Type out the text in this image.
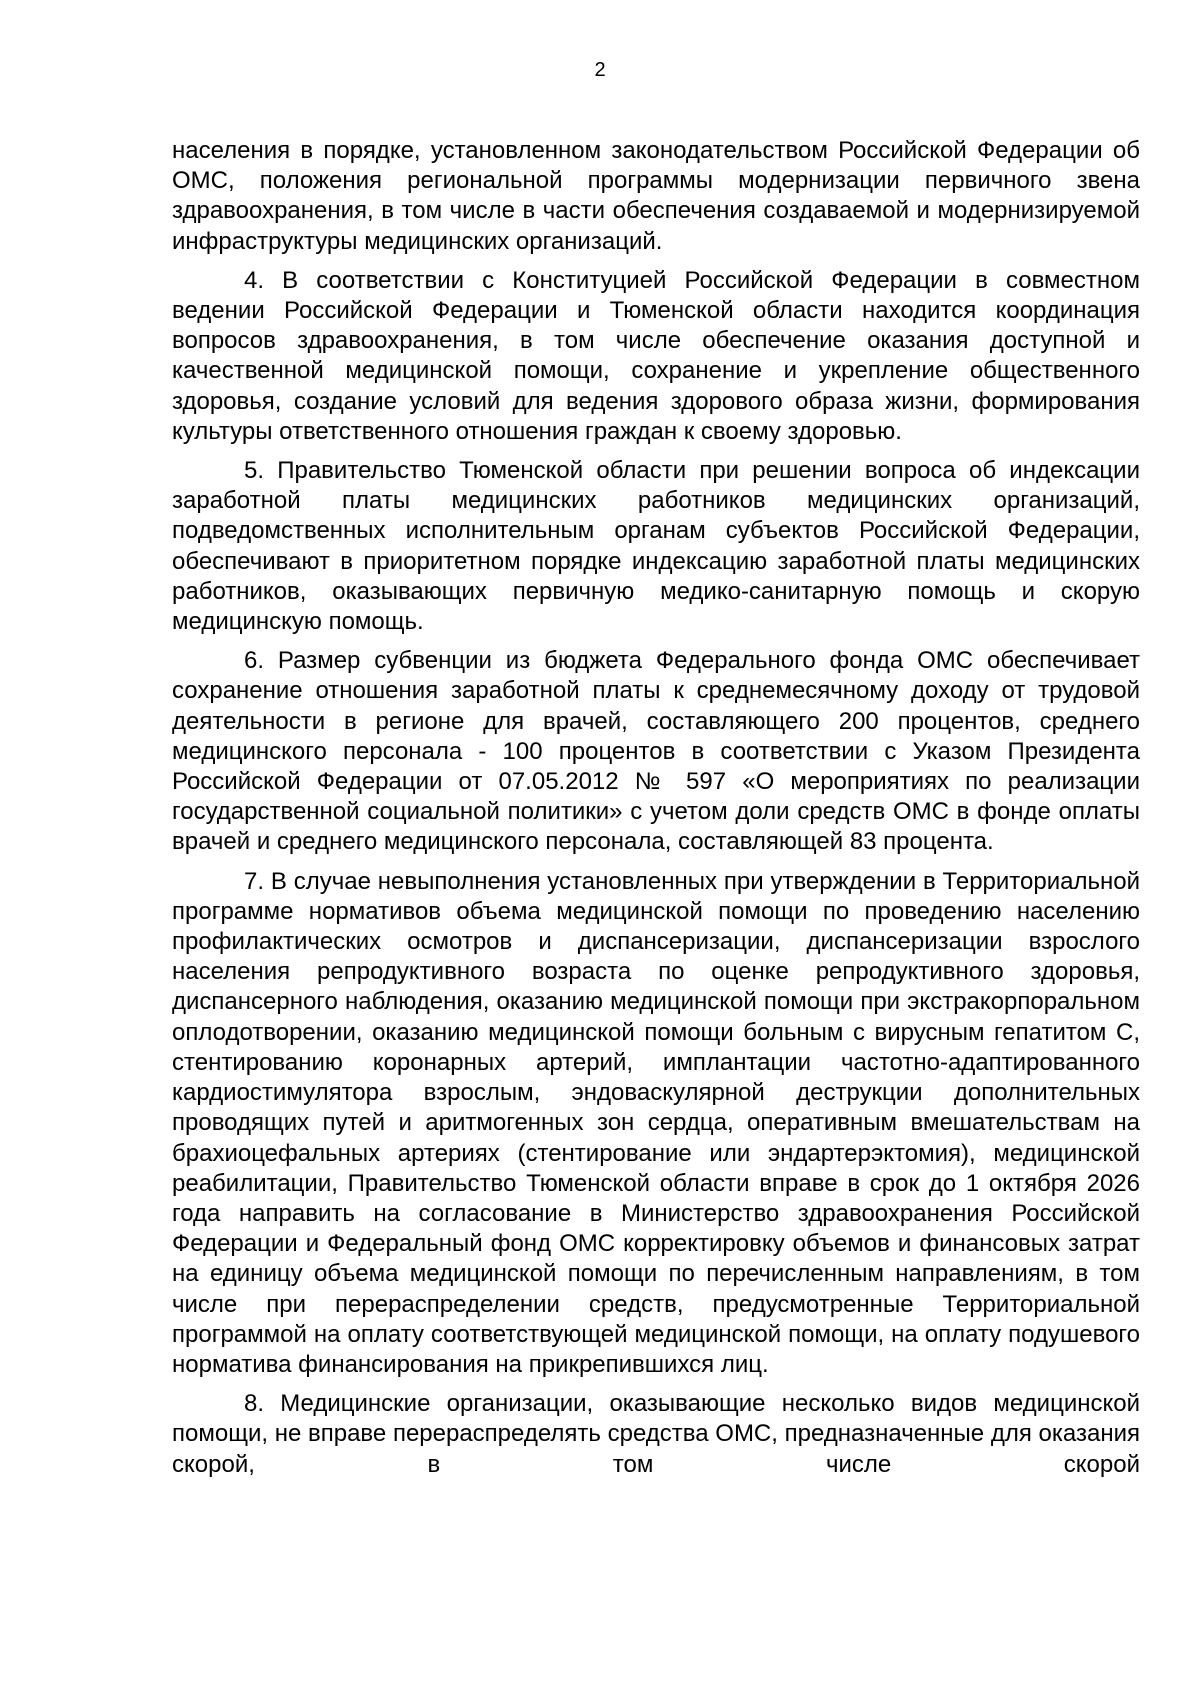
2

населения в порядке, установленном законодательством Российской Федерации об ОМС, положения региональной программы модернизации первичного звена здравоохранения, в том числе в части обеспечения создаваемой и модернизируемой инфраструктуры медицинских организаций.

4. В соответствии с Конституцией Российской Федерации в совместном ведении Российской Федерации и Тюменской области находится координация вопросов здравоохранения, в том числе обеспечение оказания доступной и качественной медицинской помощи, сохранение и укрепление общественного здоровья, создание условий для ведения здорового образа жизни, формирования культуры ответственного отношения граждан к своему здоровью.

5. Правительство Тюменской области при решении вопроса об индексации заработной платы медицинских работников медицинских организаций, подведомственных исполнительным органам субъектов Российской Федерации, обеспечивают в приоритетном порядке индексацию заработной платы медицинских работников, оказывающих первичную медико-санитарную помощь и скорую медицинскую помощь.

6. Размер субвенции из бюджета Федерального фонда ОМС обеспечивает сохранение отношения заработной платы к среднемесячному доходу от трудовой деятельности в регионе для врачей, составляющего 200 процентов, среднего медицинского персонала - 100 процентов в соответствии с Указом Президента Российской Федерации от 07.05.2012 № 597 «О мероприятиях по реализации государственной социальной политики» с учетом доли средств ОМС в фонде оплаты врачей и среднего медицинского персонала, составляющей 83 процента.

7. В случае невыполнения установленных при утверждении в Территориальной программе нормативов объема медицинской помощи по проведению населению профилактических осмотров и диспансеризации, диспансеризации взрослого населения репродуктивного возраста по оценке репродуктивного здоровья, диспансерного наблюдения, оказанию медицинской помощи при экстракорпоральном оплодотворении, оказанию медицинской помощи больным с вирусным гепатитом С, стентированию коронарных артерий, имплантации частотно-адаптированного кардиостимулятора взрослым, эндоваскулярной деструкции дополнительных проводящих путей и аритмогенных зон сердца, оперативным вмешательствам на брахиоцефальных артериях (стентирование или эндартерэктомия), медицинской реабилитации, Правительство Тюменской области вправе в срок до 1 октября 2026 года направить на согласование в Министерство здравоохранения Российской Федерации и Федеральный фонд ОМС корректировку объемов и финансовых затрат на единицу объема медицинской помощи по перечисленным направлениям, в том числе при перераспределении средств, предусмотренные Территориальной программой на оплату соответствующей медицинской помощи, на оплату подушевого норматива финансирования на прикрепившихся лиц.

8. Медицинские организации, оказывающие несколько видов медицинской помощи, не вправе перераспределять средства ОМС, предназначенные для оказания скорой, в том числе скорой
